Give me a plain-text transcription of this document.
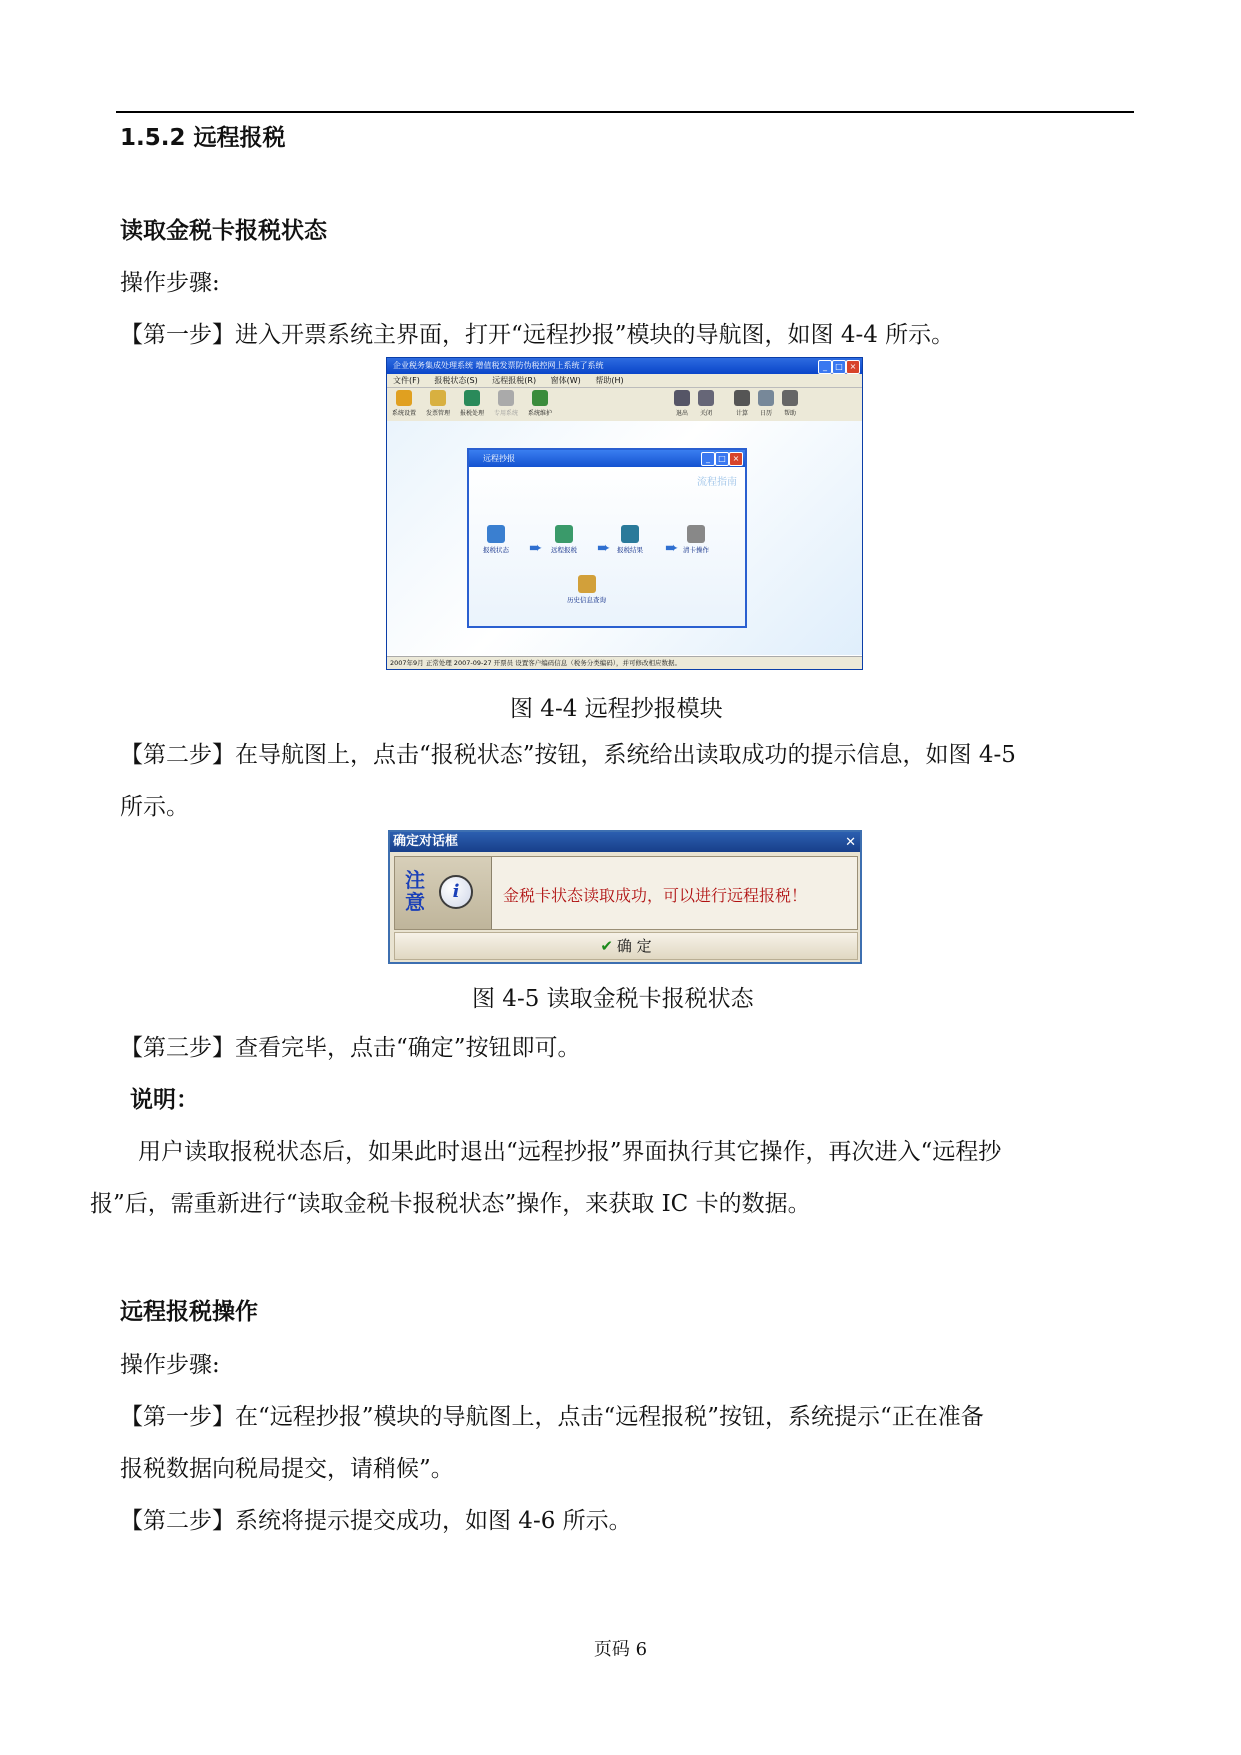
1.5.2 远程报税
读取金税卡报税状态
操作步骤:
【第一步】进入开票系统主界面，打开“远程抄报”模块的导航图，如图 4-4 所示。
企业税务集成处理系统 增值税发票防伪税控网上系统了系统	_	□ ×
文件(F) 报税状态(S) 远程报税(R) 窗体(W) 帮助(H)
系统设置	发票管理	报税处理	专用系统	系统维护	退出	关闭	计算	日历	帮助
远程抄报	_	□ ×
流程指南
报税状态 ➨ 远程报税 ➨ 报税结果 ➨ 清卡操作
历史信息查询
2007年9月 正常处理 2007-09-27 开票员 设置客户编码信息（税务分类编码），并可修改相应数据。
图 4-4 远程抄报模块
【第二步】在导航图上，点击“报税状态”按钮，系统给出读取成功的提示信息，如图 4-5
所示。
确定对话框	✕
注意	i	金税卡状态读取成功，可以进行远程报税！
✔ 确 定
图 4-5 读取金税卡报税状态
【第三步】查看完毕，点击“确定”按钮即可。
说明：
用户读取报税状态后，如果此时退出“远程抄报”界面执行其它操作，再次进入“远程抄
报”后，需重新进行“读取金税卡报税状态”操作，来获取 IC 卡的数据。
远程报税操作
操作步骤:
【第一步】在“远程抄报”模块的导航图上，点击“远程报税”按钮，系统提示“正在准备
报税数据向税局提交，请稍候”。
【第二步】系统将提示提交成功，如图 4-6 所示。
页码 6
